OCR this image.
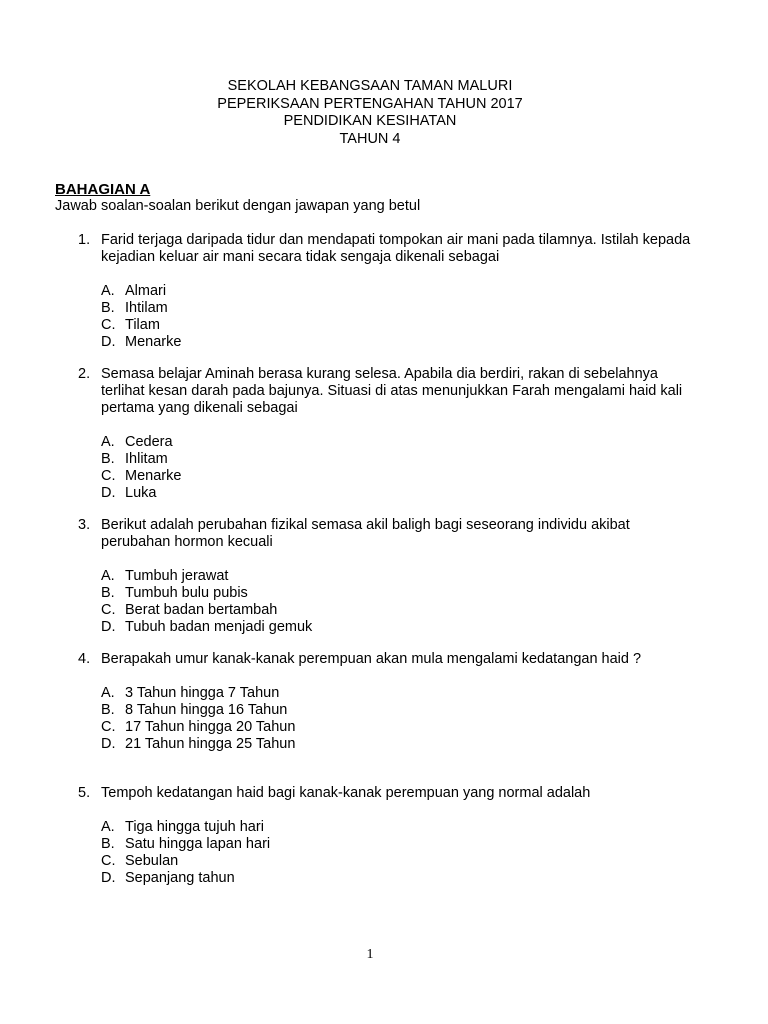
SEKOLAH KEBANGSAAN TAMAN MALURI
PEPERIKSAAN PERTENGAHAN TAHUN 2017
PENDIDIKAN KESIHATAN
TAHUN 4
BAHAGIAN A
Jawab soalan-soalan berikut dengan jawapan yang betul
1. Farid terjaga daripada tidur dan mendapati tompokan air mani pada tilamnya. Istilah kepada kejadian keluar air mani secara tidak sengaja dikenali sebagai
A. Almari
B. Ihtilam
C. Tilam
D. Menarke
2. Semasa belajar Aminah berasa kurang selesa. Apabila dia berdiri, rakan di sebelahnya terlihat kesan darah pada bajunya. Situasi di atas menunjukkan Farah mengalami haid kali pertama yang dikenali sebagai
A. Cedera
B. Ihlitam
C. Menarke
D. Luka
3. Berikut adalah perubahan fizikal semasa akil baligh bagi seseorang individu akibat perubahan hormon kecuali
A. Tumbuh jerawat
B. Tumbuh bulu pubis
C. Berat badan bertambah
D. Tubuh badan menjadi gemuk
4. Berapakah umur kanak-kanak perempuan akan mula mengalami kedatangan haid ?
A. 3 Tahun hingga 7 Tahun
B. 8 Tahun hingga 16 Tahun
C. 17 Tahun hingga 20 Tahun
D. 21 Tahun hingga 25 Tahun
5. Tempoh kedatangan haid bagi kanak-kanak perempuan yang normal adalah
A. Tiga hingga tujuh hari
B. Satu hingga lapan hari
C. Sebulan
D. Sepanjang tahun
1
